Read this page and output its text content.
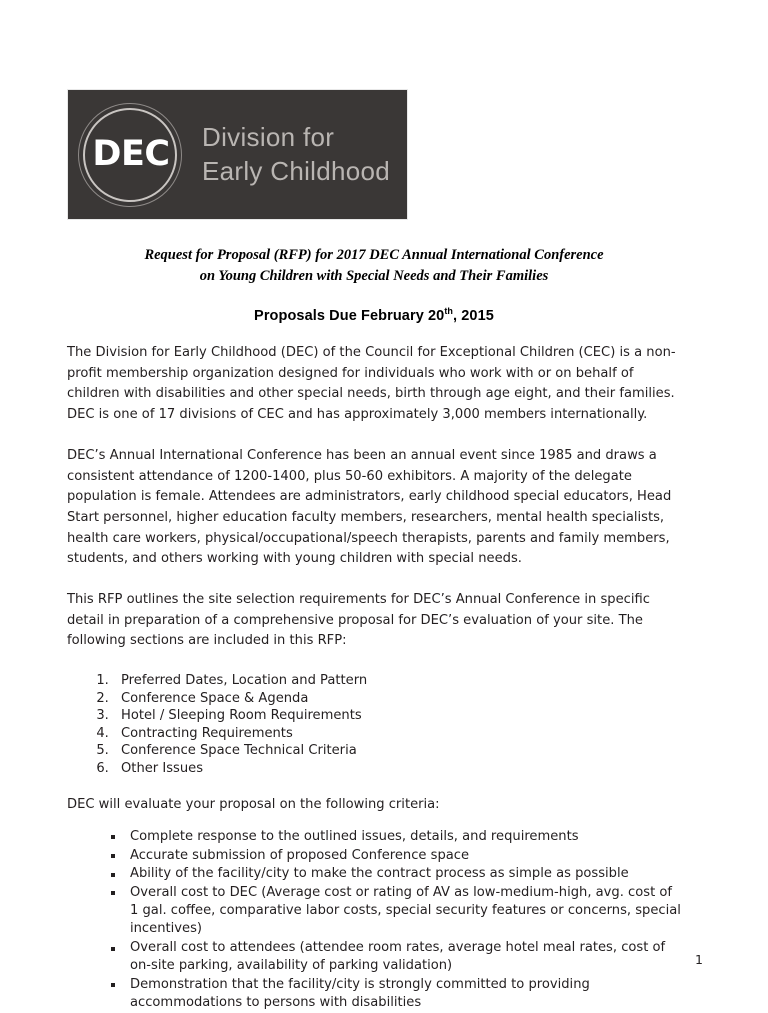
DEC	Division for
Early Childhood
Request for Proposal (RFP) for 2017 DEC Annual International Conference
on Young Children with Special Needs and Their Families

Proposals Due February 20th, 2015

The Division for Early Childhood (DEC) of the Council for Exceptional Children (CEC) is a non-profit membership organization designed for individuals who work with or on behalf of children with disabilities and other special needs, birth through age eight, and their families. DEC is one of 17 divisions of CEC and has approximately 3,000 members internationally.

DEC’s Annual International Conference has been an annual event since 1985 and draws a consistent attendance of 1200-1400, plus 50-60 exhibitors. A majority of the delegate population is female. Attendees are administrators, early childhood special educators, Head Start personnel, higher education faculty members, researchers, mental health specialists, health care workers, physical/occupational/speech therapists, parents and family members, students, and others working with young children with special needs.

This RFP outlines the site selection requirements for DEC’s Annual Conference in specific detail in preparation of a comprehensive proposal for DEC’s evaluation of your site. The following sections are included in this RFP:

1. Preferred Dates, Location and Pattern
2. Conference Space & Agenda
3. Hotel / Sleeping Room Requirements
4. Contracting Requirements
5. Conference Space Technical Criteria
6. Other Issues

DEC will evaluate your proposal on the following criteria:

Complete response to the outlined issues, details, and requirements
Accurate submission of proposed Conference space
Ability of the facility/city to make the contract process as simple as possible
Overall cost to DEC (Average cost or rating of AV as low-medium-high, avg. cost of 1 gal. coffee, comparative labor costs, special security features or concerns, special incentives)
Overall cost to attendees (attendee room rates, average hotel meal rates, cost of on-site parking, availability of parking validation)
Demonstration that the facility/city is strongly committed to providing accommodations to persons with disabilities
1
